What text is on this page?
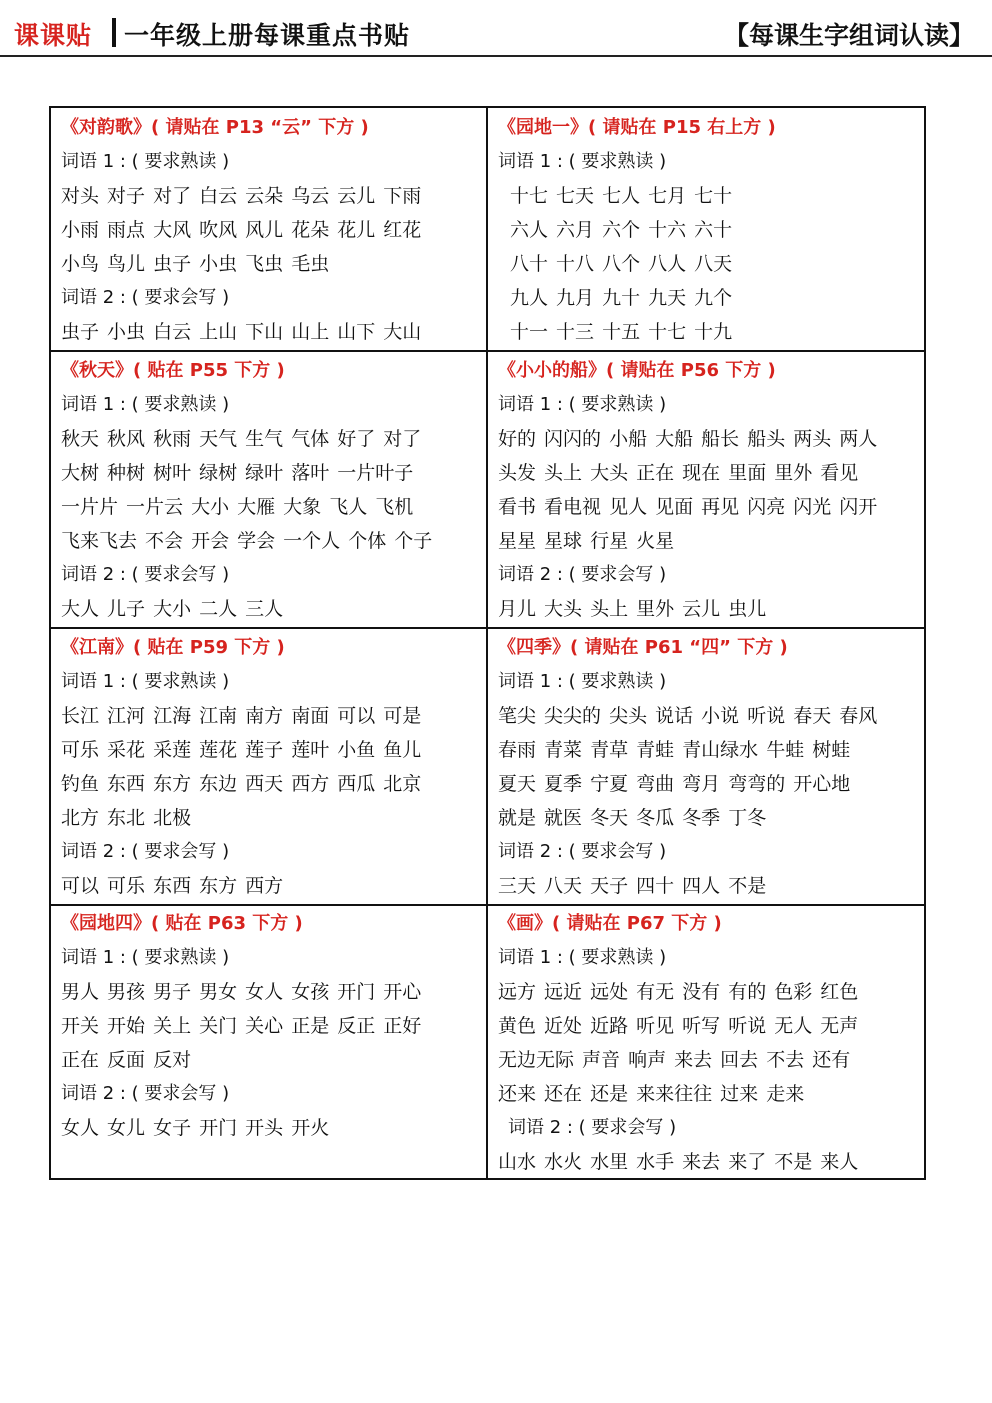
课课贴 一年级上册每课重点书贴	【每课生字组词认读】
《对韵歌》( 请贴在 P13 “云” 下方 )
词语 1 : ( 要求熟读 )
对头 对子 对了 白云 云朵 乌云 云儿 下雨
小雨 雨点 大风 吹风 风儿 花朵 花儿 红花
小鸟 鸟儿 虫子 小虫 飞虫 毛虫
词语 2 : ( 要求会写 )
虫子 小虫 白云 上山 下山 山上 山下 大山
《园地一》( 请贴在 P15 右上方 )
词语 1 : ( 要求熟读 )
十七 七天 七人 七月 七十
六人 六月 六个 十六 六十
八十 十八 八个 八人 八天
九人 九月 九十 九天 九个
十一 十三 十五 十七 十九
《秋天》( 贴在 P55 下方 )
词语 1 : ( 要求熟读 )
秋天 秋风 秋雨 天气 生气 气体 好了 对了
大树 种树 树叶 绿树 绿叶 落叶 一片叶子
一片片 一片云 大小 大雁 大象 飞人 飞机
飞来飞去 不会 开会 学会 一个人 个体 个子
词语 2 : ( 要求会写 )
大人 儿子 大小 二人 三人
《小小的船》( 请贴在 P56 下方 )
词语 1 : ( 要求熟读 )
好的 闪闪的 小船 大船 船长 船头 两头 两人
头发 头上 大头 正在 现在 里面 里外 看见
看书 看电视 见人 见面 再见 闪亮 闪光 闪开
星星 星球 行星 火星
词语 2 : ( 要求会写 )
月儿 大头 头上 里外 云儿 虫儿
《江南》( 贴在 P59 下方 )
词语 1 : ( 要求熟读 )
长江 江河 江海 江南 南方 南面 可以 可是
可乐 采花 采莲 莲花 莲子 莲叶 小鱼 鱼儿
钓鱼 东西 东方 东边 西天 西方 西瓜 北京
北方 东北 北极
词语 2 : ( 要求会写 )
可以 可乐 东西 东方 西方
《四季》( 请贴在 P61 “四” 下方 )
词语 1 : ( 要求熟读 )
笔尖 尖尖的 尖头 说话 小说 听说 春天 春风
春雨 青菜 青草 青蛙 青山绿水 牛蛙 树蛙
夏天 夏季 宁夏 弯曲 弯月 弯弯的 开心地
就是 就医 冬天 冬瓜 冬季 丁冬
词语 2 : ( 要求会写 )
三天 八天 天子 四十 四人 不是
《园地四》( 贴在 P63 下方 )
词语 1 : ( 要求熟读 )
男人 男孩 男子 男女 女人 女孩 开门 开心
开关 开始 关上 关门 关心 正是 反正 正好
正在 反面 反对
词语 2 : ( 要求会写 )
女人 女儿 女子 开门 开头 开火
《画》( 请贴在 P67 下方 )
词语 1 : ( 要求熟读 )
远方 远近 远处 有无 没有 有的 色彩 红色
黄色 近处 近路 听见 听写 听说 无人 无声
无边无际 声音 响声 来去 回去 不去 还有
还来 还在 还是 来来往往 过来 走来
词语 2 : ( 要求会写 )
山水 水火 水里 水手 来去 来了 不是 来人
